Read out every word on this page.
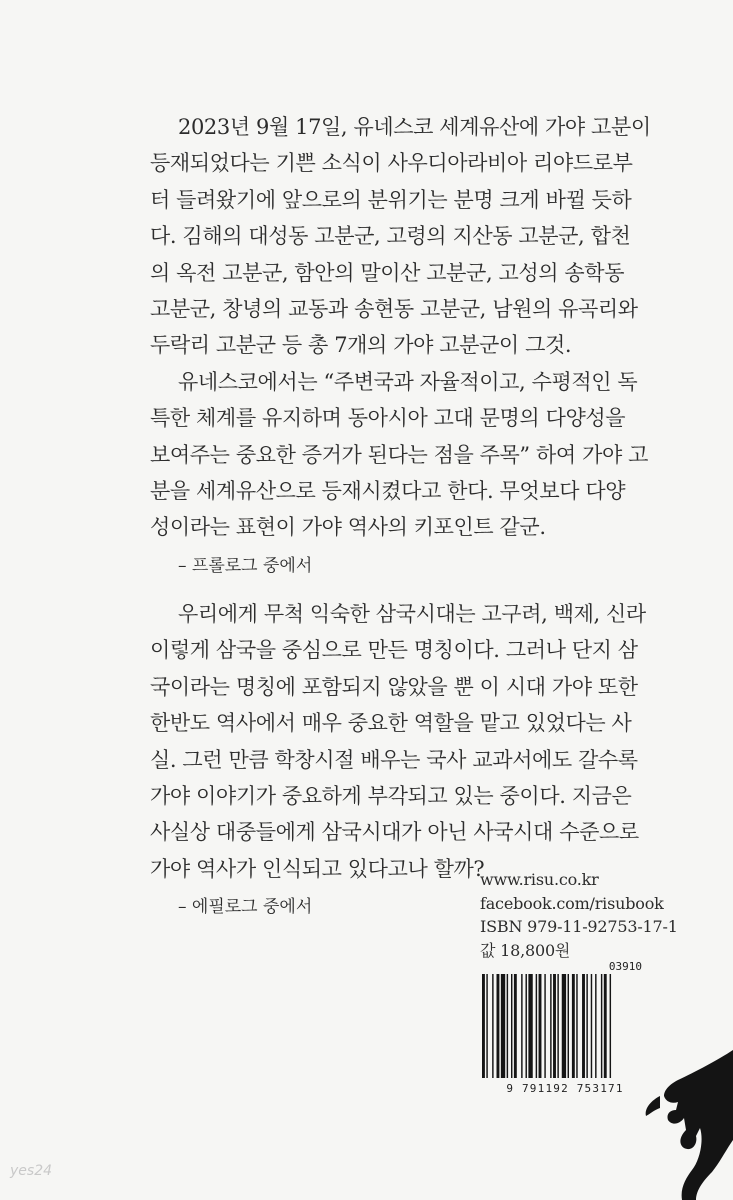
2023년 9월 17일, 유네스코 세계유산에 가야 고분이
등재되었다는 기쁜 소식이 사우디아라비아 리야드로부
터 들려왔기에 앞으로의 분위기는 분명 크게 바뀔 듯하
다. 김해의 대성동 고분군, 고령의 지산동 고분군, 합천
의 옥전 고분군, 함안의 말이산 고분군, 고성의 송학동
고분군, 창녕의 교동과 송현동 고분군, 남원의 유곡리와
두락리 고분군 등 총 7개의 가야 고분군이 그것.
유네스코에서는 “주변국과 자율적이고, 수평적인 독
특한 체계를 유지하며 동아시아 고대 문명의 다양성을
보여주는 중요한 증거가 된다는 점을 주목” 하여 가야 고
분을 세계유산으로 등재시켰다고 한다. 무엇보다 다양
성이라는 표현이 가야 역사의 키포인트 같군.
– 프롤로그 중에서
우리에게 무척 익숙한 삼국시대는 고구려, 백제, 신라
이렇게 삼국을 중심으로 만든 명칭이다. 그러나 단지 삼
국이라는 명칭에 포함되지 않았을 뿐 이 시대 가야 또한
한반도 역사에서 매우 중요한 역할을 맡고 있었다는 사
실. 그런 만큼 학창시절 배우는 국사 교과서에도 갈수록
가야 이야기가 중요하게 부각되고 있는 중이다. 지금은
사실상 대중들에게 삼국시대가 아닌 사국시대 수준으로
가야 역사가 인식되고 있다고나 할까?
– 에필로그 중에서
www.risu.co.kr
facebook.com/risubook
ISBN 979-11-92753-17-1
값 18,800원
03910
9 791192 753171
yes24
